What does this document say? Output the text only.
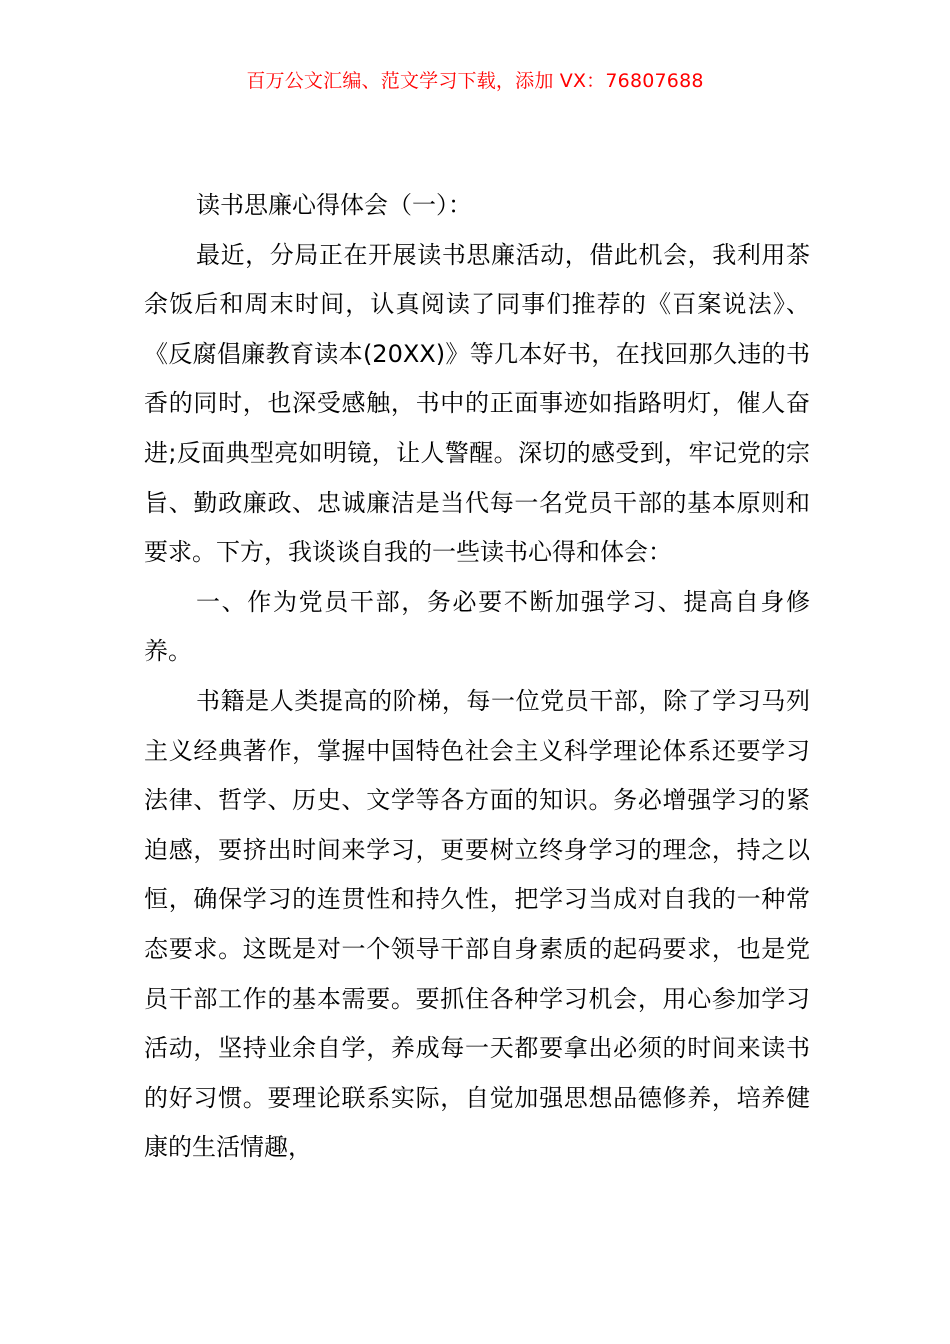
百万公文汇编、范文学习下载，添加 VX：76807688

读书思廉心得体会（一）：

最近，分局正在开展读书思廉活动，借此机会，我利用茶余饭后和周末时间，认真阅读了同事们推荐的《百案说法》、《反腐倡廉教育读本(20XX)》等几本好书，在找回那久违的书香的同时，也深受感触，书中的正面事迹如指路明灯，催人奋进;反面典型亮如明镜，让人警醒。深切的感受到，牢记党的宗旨、勤政廉政、忠诚廉洁是当代每一名党员干部的基本原则和要求。下方，我谈谈自我的一些读书心得和体会：

一、作为党员干部，务必要不断加强学习、提高自身修养。

书籍是人类提高的阶梯，每一位党员干部，除了学习马列主义经典著作，掌握中国特色社会主义科学理论体系还要学习法律、哲学、历史、文学等各方面的知识。务必增强学习的紧迫感，要挤出时间来学习，更要树立终身学习的理念，持之以恒，确保学习的连贯性和持久性，把学习当成对自我的一种常态要求。这既是对一个领导干部自身素质的起码要求，也是党员干部工作的基本需要。要抓住各种学习机会，用心参加学习活动，坚持业余自学，养成每一天都要拿出必须的时间来读书的好习惯。要理论联系实际，自觉加强思想品德修养，培养健康的生活情趣，
